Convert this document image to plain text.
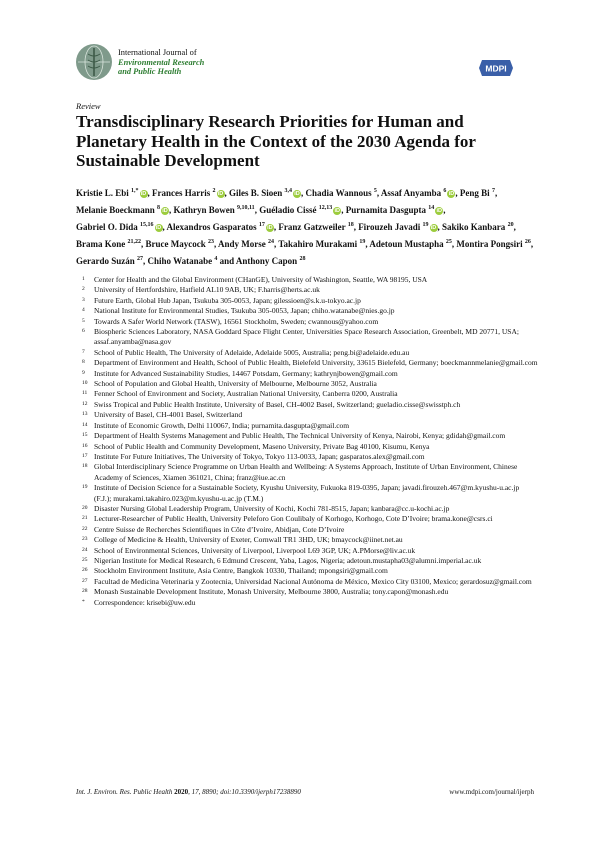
International Journal of
Environmental Research
and Public Health	MDPI
Review
Transdisciplinary Research Priorities for Human and Planetary Health in the Context of the 2030 Agenda for Sustainable Development
Kristie L. Ebi $^{1,*}$ iD, Frances Harris $^2$ iD, Giles B. Sioen $^{3,4}$ iD, Chadia Wannous $^5$, Assaf Anyamba $^6$ iD, Peng Bi $^7$, Melanie Boeckmann $^8$ iD, Kathryn Bowen $^{9,10,11}$, Guéladio Cissé $^{12,13}$ iD, Purnamita Dasgupta $^{14}$ iD, Gabriel O. Dida $^{15,16}$ iD, Alexandros Gasparatos $^{17}$ iD, Franz Gatzweiler $^{18}$, Firouzeh Javadi $^{19}$ iD, Sakiko Kanbara $^{20}$, Brama Kone $^{21,22}$, Bruce Maycock $^{23}$, Andy Morse $^{24}$, Takahiro Murakami $^{19}$, Adetoun Mustapha $^{25}$, Montira Pongsiri $^{26}$, Gerardo Suzán $^{27}$, Chiho Watanabe $^4$ and Anthony Capon $^{28}$
1	Center for Health and the Global Environment (CHanGE), University of Washington, Seattle, WA 98195, USA
2	University of Hertfordshire, Hatfield AL10 9AB, UK; F.harris@herts.ac.uk
3	Future Earth, Global Hub Japan, Tsukuba 305-0053, Japan; gilessioen@s.k.u-tokyo.ac.jp
4	National Institute for Environmental Studies, Tsukuba 305-0053, Japan; chiho.watanabe@nies.go.jp
5	Towards A Safer World Network (TASW), 16561 Stockholm, Sweden; cwannous@yahoo.com
6	Biospheric Sciences Laboratory, NASA Goddard Space Flight Center, Universities Space Research Association, Greenbelt, MD 20771, USA; assaf.anyamba@nasa.gov
7	School of Public Health, The University of Adelaide, Adelaide 5005, Australia; peng.bi@adelaide.edu.au
8	Department of Environment and Health, School of Public Health, Bielefeld University, 33615 Bielefeld, Germany; boeckmannmelanie@gmail.com
9	Institute for Advanced Sustainability Studies, 14467 Potsdam, Germany; kathrynjbowen@gmail.com
10 School of Population and Global Health, University of Melbourne, Melbourne 3052, Australia
11 Fenner School of Environment and Society, Australian National University, Canberra 0200, Australia
12 Swiss Tropical and Public Health Institute, University of Basel, CH-4002 Basel, Switzerland; gueladio.cisse@swisstph.ch
13 University of Basel, CH-4001 Basel, Switzerland
14 Institute of Economic Growth, Delhi 110067, India; purnamita.dasgupta@gmail.com
15 Department of Health Systems Management and Public Health, The Technical University of Kenya, Nairobi, Kenya; gdidah@gmail.com
16 School of Public Health and Community Development, Maseno University, Private Bag 40100, Kisumu, Kenya
17 Institute For Future Initiatives, The University of Tokyo, Tokyo 113-0033, Japan; gasparatos.alex@gmail.com
18 Global Interdisciplinary Science Programme on Urban Health and Wellbeing: A Systems Approach, Institute of Urban Environment, Chinese Academy of Sciences, Xiamen 361021, China; franz@iue.ac.cn
19 Institute of Decision Science for a Sustainable Society, Kyushu University, Fukuoka 819-0395, Japan; javadi.firouzeh.467@m.kyushu-u.ac.jp (F.J.); murakami.takahiro.023@m.kyushu-u.ac.jp (T.M.)
20 Disaster Nursing Global Leadership Program, University of Kochi, Kochi 781-8515, Japan; kanbara@cc.u-kochi.ac.jp
21 Lecturer-Researcher of Public Health, University Peleforo Gon Coulibaly of Korhogo, Korhogo, Cote D’Ivoire; brama.kone@csrs.ci
22 Centre Suisse de Recherches Scientifiques in Côte d’Ivoire, Abidjan, Cote D’Ivoire
23 College of Medicine & Health, University of Exeter, Cornwall TR1 3HD, UK; bmaycock@iinet.net.au
24 School of Environmental Sciences, University of Liverpool, Liverpool L69 3GP, UK; A.PMorse@liv.ac.uk
25 Nigerian Institute for Medical Research, 6 Edmund Crescent, Yaba, Lagos, Nigeria; adetoun.mustapha03@alumni.imperial.ac.uk
26 Stockholm Environment Institute, Asia Centre, Bangkok 10330, Thailand; mpongsiri@gmail.com
27 Facultad de Medicina Veterinaria y Zootecnia, Universidad Nacional Autónoma de México, Mexico City 03100, Mexico; gerardosuz@gmail.com
28 Monash Sustainable Development Institute, Monash University, Melbourne 3800, Australia; tony.capon@monash.edu
*	Correspondence: krisebi@uw.edu
Int. J. Environ. Res. Public Health 2020, 17, 8890; doi:10.3390/ijerph17238890	www.mdpi.com/journal/ijerph
